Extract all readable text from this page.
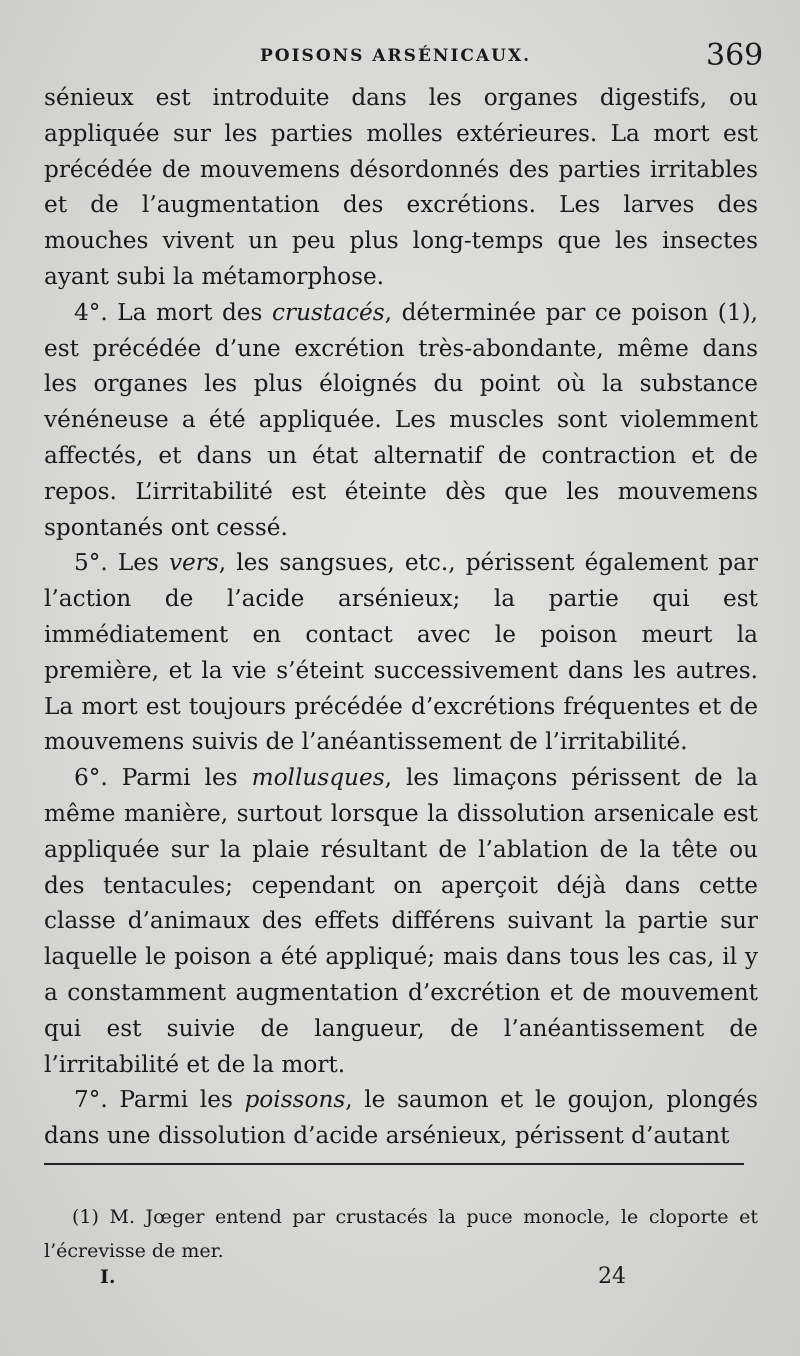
POISONS ARSÉNICAUX.	369

sénieux est introduite dans les organes digestifs, ou appliquée sur les parties molles extérieures. La mort est précédée de mouvemens désordonnés des parties irritables et de l’augmentation des excrétions. Les larves des mouches vivent un peu plus long-temps que les insectes ayant subi la métamorphose.

4°. La mort des crustacés, déterminée par ce poison (1), est précédée d’une excrétion très-abondante, même dans les organes les plus éloignés du point où la substance vénéneuse a été appliquée. Les muscles sont violemment affectés, et dans un état alternatif de contraction et de repos. L’irritabilité est éteinte dès que les mouvemens spontanés ont cessé.

5°. Les vers, les sangsues, etc., périssent également par l’action de l’acide arsénieux; la partie qui est immédiatement en contact avec le poison meurt la première, et la vie s’éteint successivement dans les autres. La mort est toujours précédée d’excrétions fréquentes et de mouvemens suivis de l’anéantissement de l’irritabilité.

6°. Parmi les mollusques, les limaçons périssent de la même manière, surtout lorsque la dissolution arsenicale est appliquée sur la plaie résultant de l’ablation de la tête ou des tentacules; cependant on aperçoit déjà dans cette classe d’animaux des effets différens suivant la partie sur laquelle le poison a été appliqué; mais dans tous les cas, il y a constamment augmentation d’excrétion et de mouvement qui est suivie de langueur, de l’anéantissement de l’irritabilité et de la mort.

7°. Parmi les poissons, le saumon et le goujon, plongés dans une dissolution d’acide arsénieux, périssent d’autant

(1) M. Jœger entend par crustacés la puce monocle, le cloporte et l’écrevisse de mer.

I.	24
